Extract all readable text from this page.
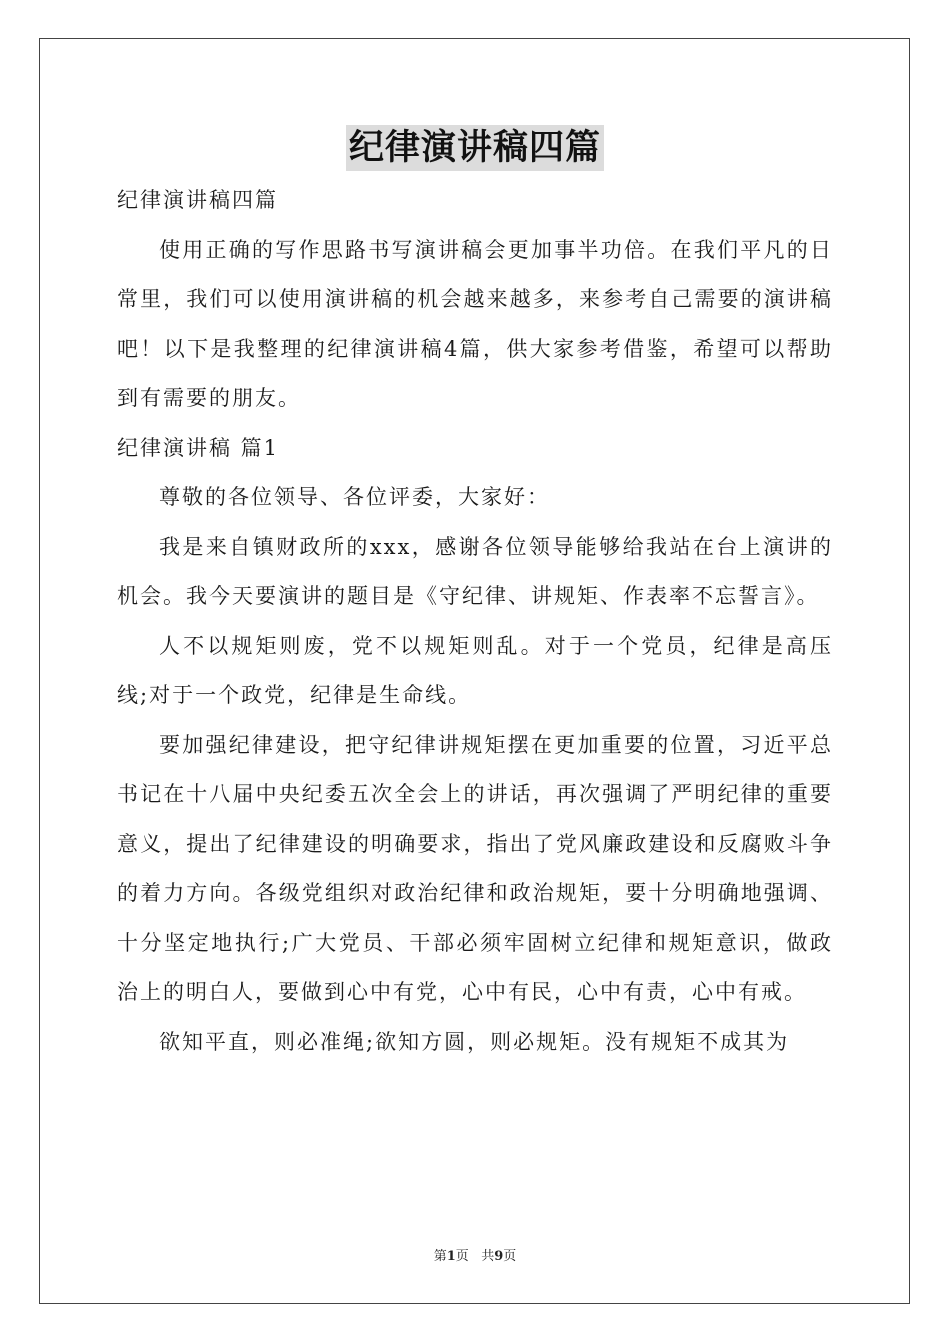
纪律演讲稿四篇

纪律演讲稿四篇

使用正确的写作思路书写演讲稿会更加事半功倍。在我们平凡的日常里，我们可以使用演讲稿的机会越来越多，来参考自己需要的演讲稿吧！以下是我整理的纪律演讲稿4篇，供大家参考借鉴，希望可以帮助到有需要的朋友。

纪律演讲稿 篇1

尊敬的各位领导、各位评委，大家好：

我是来自镇财政所的xxx，感谢各位领导能够给我站在台上演讲的机会。我今天要演讲的题目是《守纪律、讲规矩、作表率不忘誓言》。

人不以规矩则废，党不以规矩则乱。对于一个党员，纪律是高压线;对于一个政党，纪律是生命线。

要加强纪律建设，把守纪律讲规矩摆在更加重要的位置，习近平总书记在十八届中央纪委五次全会上的讲话，再次强调了严明纪律的重要意义，提出了纪律建设的明确要求，指出了党风廉政建设和反腐败斗争的着力方向。各级党组织对政治纪律和政治规矩，要十分明确地强调、十分坚定地执行;广大党员、干部必须牢固树立纪律和规矩意识，做政治上的明白人，要做到心中有党，心中有民，心中有责，心中有戒。

欲知平直，则必准绳;欲知方圆，则必规矩。没有规矩不成其为

第1页 共9页
